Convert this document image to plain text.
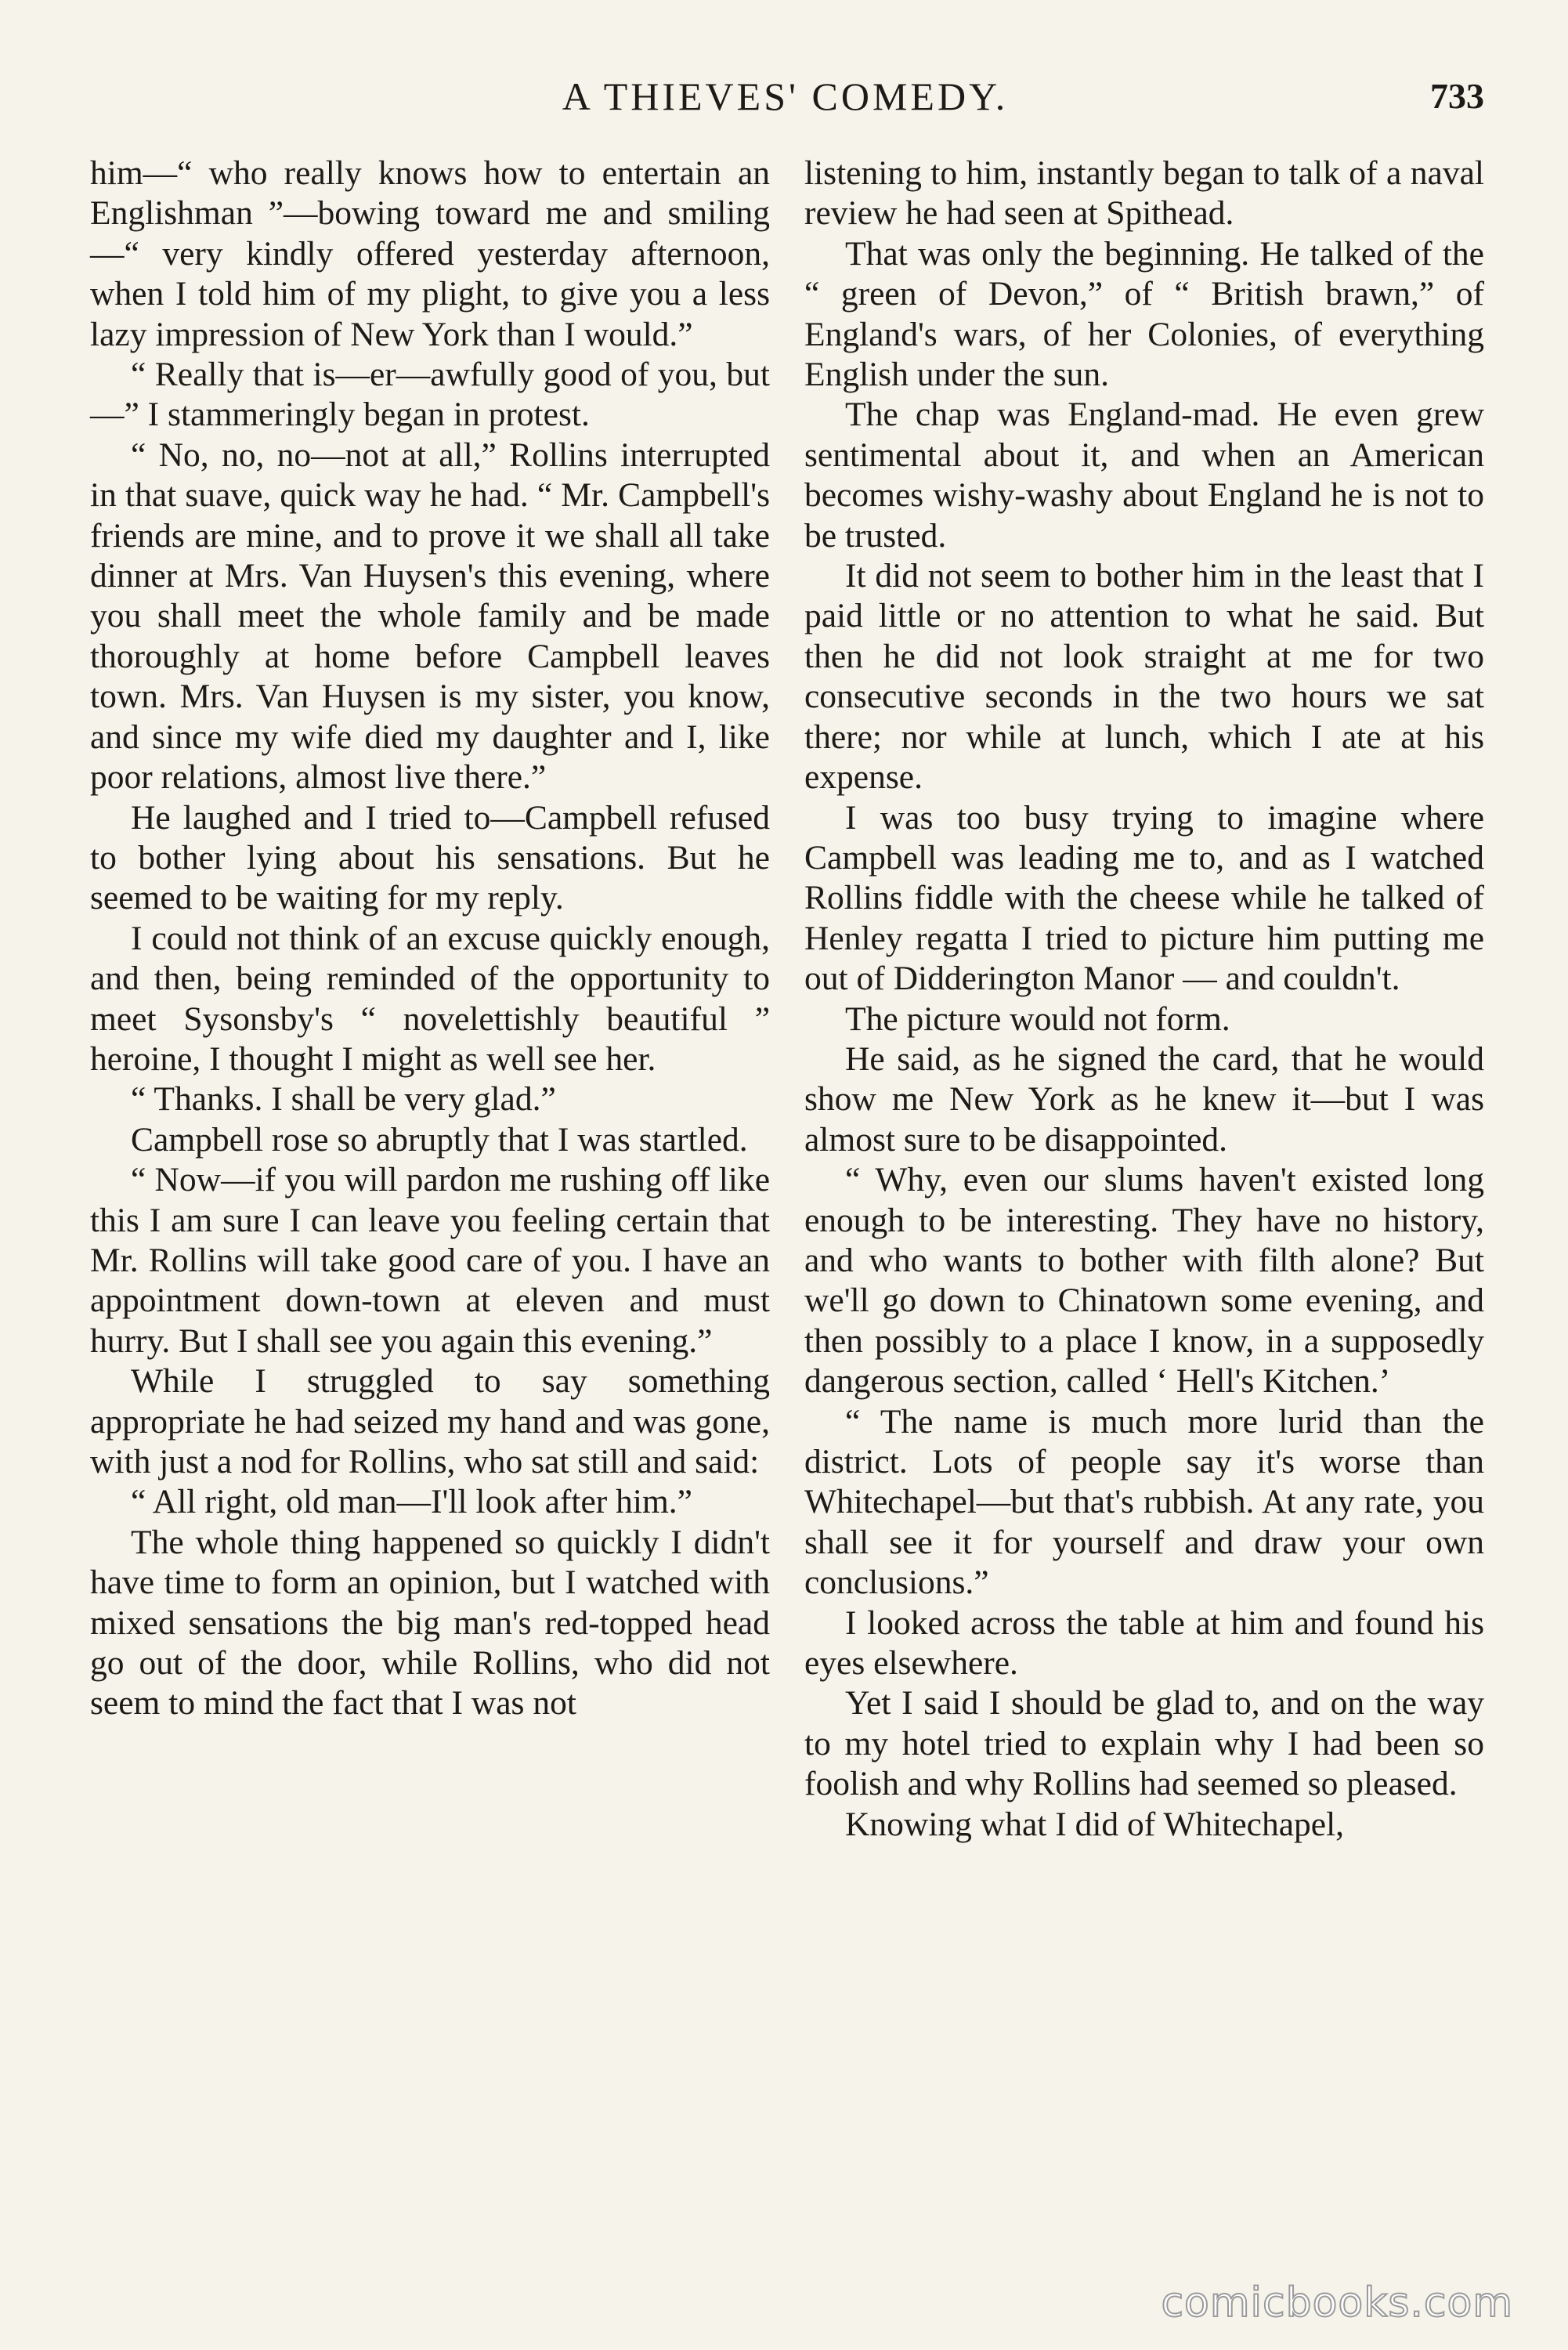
A THIEVES' COMEDY.	733

him—“ who really knows how to entertain an Englishman ”—bowing toward me and smiling—“ very kindly offered yesterday afternoon, when I told him of my plight, to give you a less lazy impression of New York than I would.”

“ Really that is—er—awfully good of you, but—” I stammeringly began in protest.

“ No, no, no—not at all,” Rollins interrupted in that suave, quick way he had. “ Mr. Campbell's friends are mine, and to prove it we shall all take dinner at Mrs. Van Huysen's this evening, where you shall meet the whole family and be made thoroughly at home before Campbell leaves town. Mrs. Van Huysen is my sister, you know, and since my wife died my daughter and I, like poor relations, almost live there.”

He laughed and I tried to—Campbell refused to bother lying about his sensations. But he seemed to be waiting for my reply.

I could not think of an excuse quickly enough, and then, being reminded of the opportunity to meet Sysonsby's “ novelettishly beautiful ” heroine, I thought I might as well see her.

“ Thanks. I shall be very glad.”

Campbell rose so abruptly that I was startled.

“ Now—if you will pardon me rushing off like this I am sure I can leave you feeling certain that Mr. Rollins will take good care of you. I have an appointment down-town at eleven and must hurry. But I shall see you again this evening.”

While I struggled to say something appropriate he had seized my hand and was gone, with just a nod for Rollins, who sat still and said:

“ All right, old man—I'll look after him.”

The whole thing happened so quickly I didn't have time to form an opinion, but I watched with mixed sensations the big man's red-topped head go out of the door, while Rollins, who did not seem to mind the fact that I was not

listening to him, instantly began to talk of a naval review he had seen at Spithead.

That was only the beginning. He talked of the “ green of Devon,” of “ British brawn,” of England's wars, of her Colonies, of everything English under the sun.

The chap was England-mad. He even grew sentimental about it, and when an American becomes wishy-washy about England he is not to be trusted.

It did not seem to bother him in the least that I paid little or no attention to what he said. But then he did not look straight at me for two consecutive seconds in the two hours we sat there; nor while at lunch, which I ate at his expense.

I was too busy trying to imagine where Campbell was leading me to, and as I watched Rollins fiddle with the cheese while he talked of Henley regatta I tried to picture him putting me out of Didderington Manor — and couldn't.

The picture would not form.

He said, as he signed the card, that he would show me New York as he knew it—but I was almost sure to be disappointed.

“ Why, even our slums haven't existed long enough to be interesting. They have no history, and who wants to bother with filth alone? But we'll go down to Chinatown some evening, and then possibly to a place I know, in a supposedly dangerous section, called ‘ Hell's Kitchen.’

“ The name is much more lurid than the district. Lots of people say it's worse than Whitechapel—but that's rubbish. At any rate, you shall see it for yourself and draw your own conclusions.”

I looked across the table at him and found his eyes elsewhere.

Yet I said I should be glad to, and on the way to my hotel tried to explain why I had been so foolish and why Rollins had seemed so pleased.

Knowing what I did of Whitechapel,

comicbooks.com
